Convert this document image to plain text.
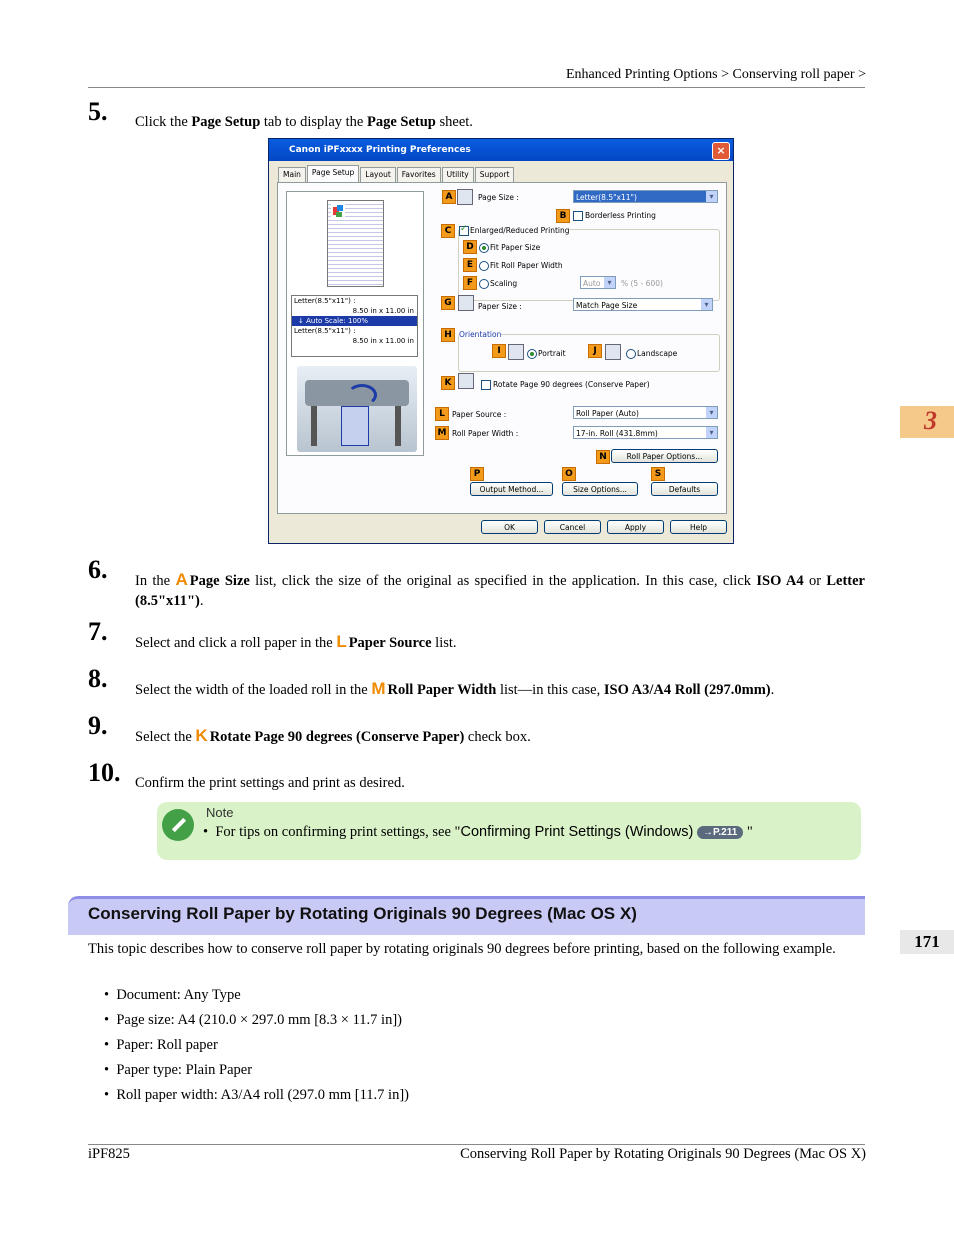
Enhanced Printing Options > Conserving roll paper >
5. Click the Page Setup tab to display the Page Setup sheet.
Canon iPFxxxx Printing Preferences	×
Main	Page Setup	Layout	Favorites	Utility	Support
Letter(8.5"x11") :
8.50 in x 11.00 in
↓ Auto Scale: 100%
Letter(8.5"x11") :
8.50 in x 11.00 in
A	Page Size :	Letter(8.5"x11") ▾
B	Borderless Printing
C ✓ Enlarged/Reduced Printing
D	Fit Paper Size
E	Fit Roll Paper Width
F	Scaling	Auto ▾	% (5 - 600)
G	Paper Size :	Match Page Size ▾
H Orientation
I	Portrait	J	Landscape
K	Rotate Page 90 degrees (Conserve Paper)
L Paper Source :	Roll Paper (Auto) ▾
M Roll Paper Width :	17-in. Roll (431.8mm) ▾
N	Roll Paper Options...
P	O	S
Output Method...	Size Options...	Defaults
OK	Cancel	Apply	Help
6. In the A Page Size list, click the size of the original as specified in the application. In this case, click ISO A4 or Letter (8.5"x11").
7. Select and click a roll paper in the L Paper Source list.
8. Select the width of the loaded roll in the M Roll Paper Width list—in this case, ISO A3/A4 Roll (297.0mm).
9. Select the K Rotate Page 90 degrees (Conserve Paper) check box.
10. Confirm the print settings and print as desired.
Note
• For tips on confirming print settings, see "Confirming Print Settings (Windows) →P.211 "
3
171
Conserving Roll Paper by Rotating Originals 90 Degrees (Mac OS X)
This topic describes how to conserve roll paper by rotating originals 90 degrees before printing, based on the following example.
•  Document: Any Type
•  Page size: A4 (210.0 × 297.0 mm [8.3 × 11.7 in])
•  Paper: Roll paper
•  Paper type: Plain Paper
•  Roll paper width: A3/A4 roll (297.0 mm [11.7 in])
iPF825	Conserving Roll Paper by Rotating Originals 90 Degrees (Mac OS X)
